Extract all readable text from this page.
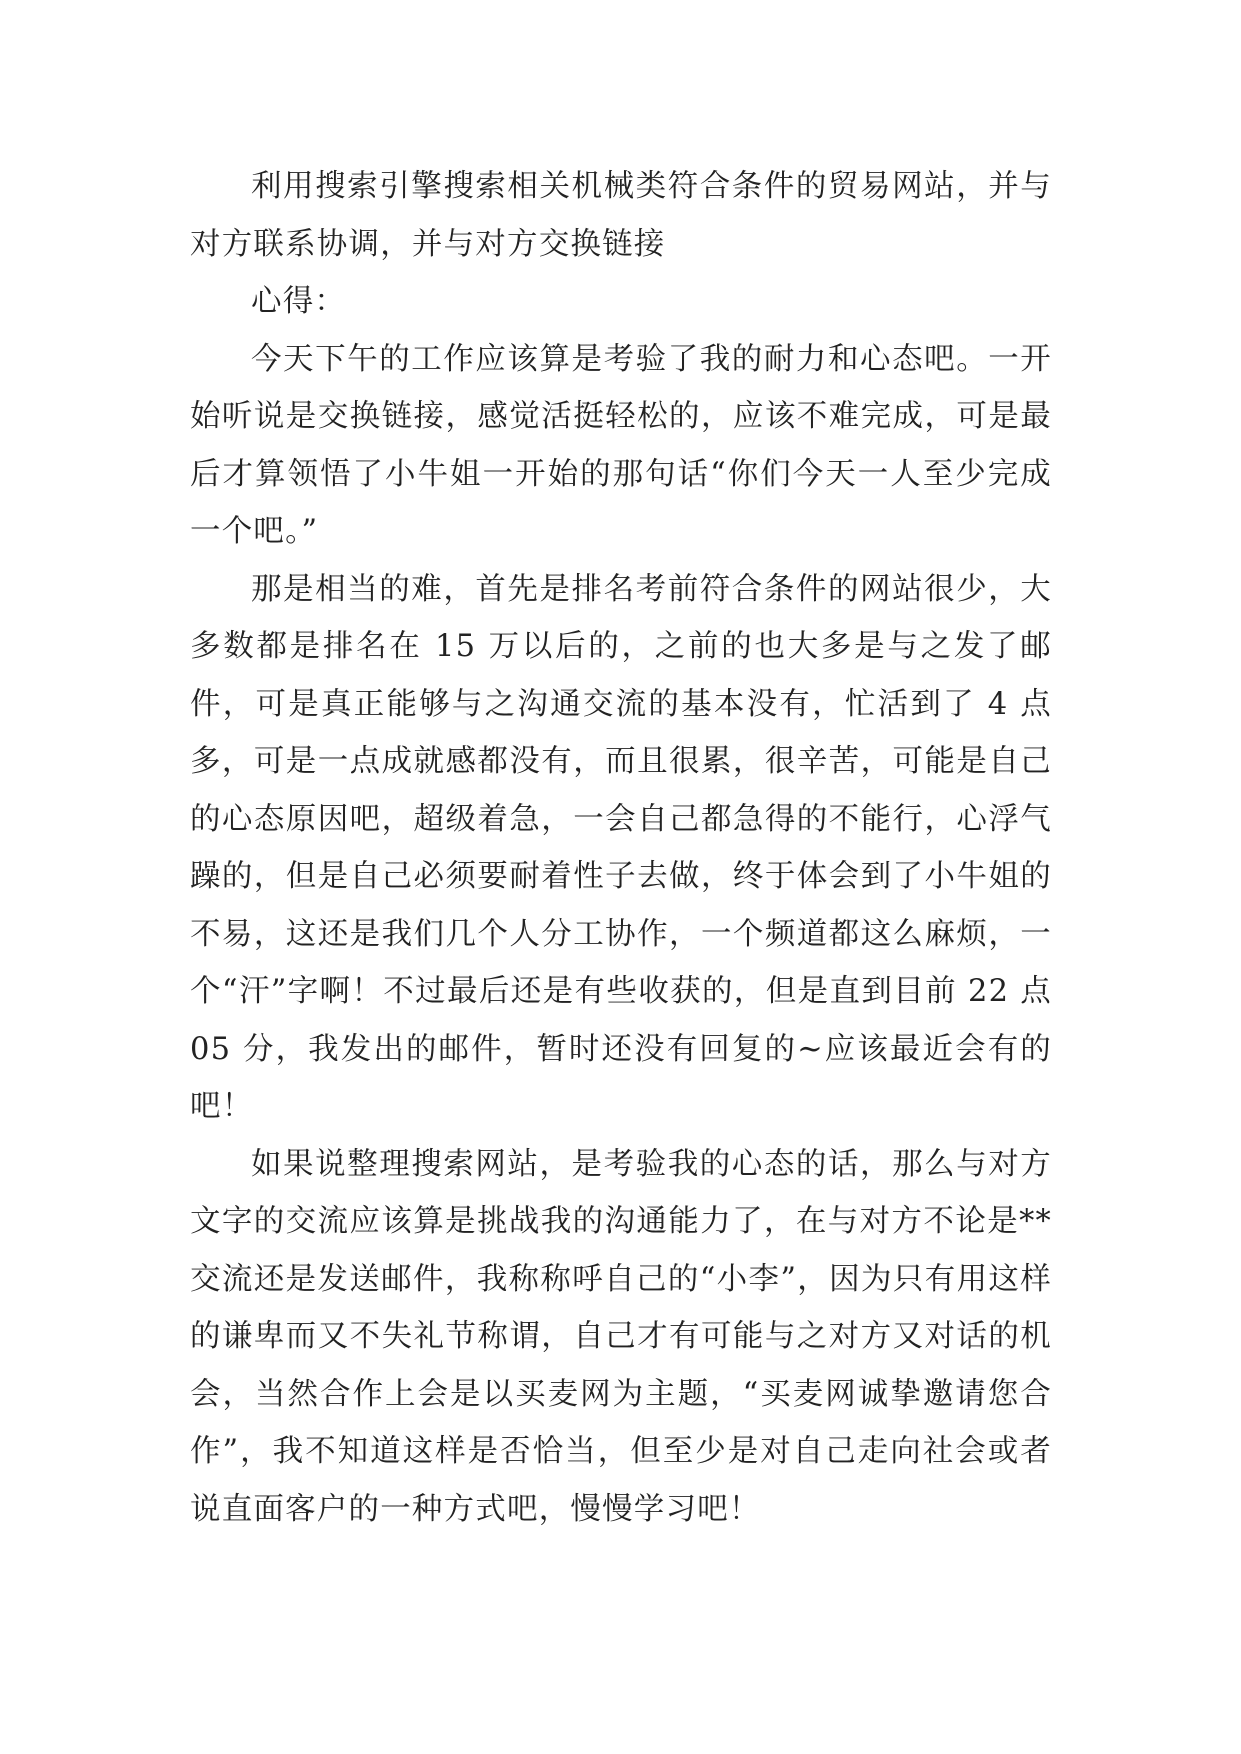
利用搜索引擎搜索相关机械类符合条件的贸易网站，并与对方联系协调，并与对方交换链接

心得：

今天下午的工作应该算是考验了我的耐力和心态吧。一开始听说是交换链接，感觉活挺轻松的，应该不难完成，可是最后才算领悟了小牛姐一开始的那句话“你们今天一人至少完成一个吧。”

那是相当的难，首先是排名考前符合条件的网站很少，大多数都是排名在 15 万以后的，之前的也大多是与之发了邮件，可是真正能够与之沟通交流的基本没有，忙活到了 4 点多，可是一点成就感都没有，而且很累，很辛苦，可能是自己的心态原因吧，超级着急，一会自己都急得的不能行，心浮气躁的，但是自己必须要耐着性子去做，终于体会到了小牛姐的不易，这还是我们几个人分工协作，一个频道都这么麻烦，一个“汗”字啊！不过最后还是有些收获的，但是直到目前 22 点 05 分，我发出的邮件，暂时还没有回复的~应该最近会有的吧！

如果说整理搜索网站，是考验我的心态的话，那么与对方文字的交流应该算是挑战我的沟通能力了，在与对方不论是**交流还是发送邮件，我称称呼自己的“小李”，因为只有用这样的谦卑而又不失礼节称谓，自己才有可能与之对方又对话的机会，当然合作上会是以买麦网为主题，“买麦网诚挚邀请您合作”，我不知道这样是否恰当，但至少是对自己走向社会或者说直面客户的一种方式吧，慢慢学习吧！
